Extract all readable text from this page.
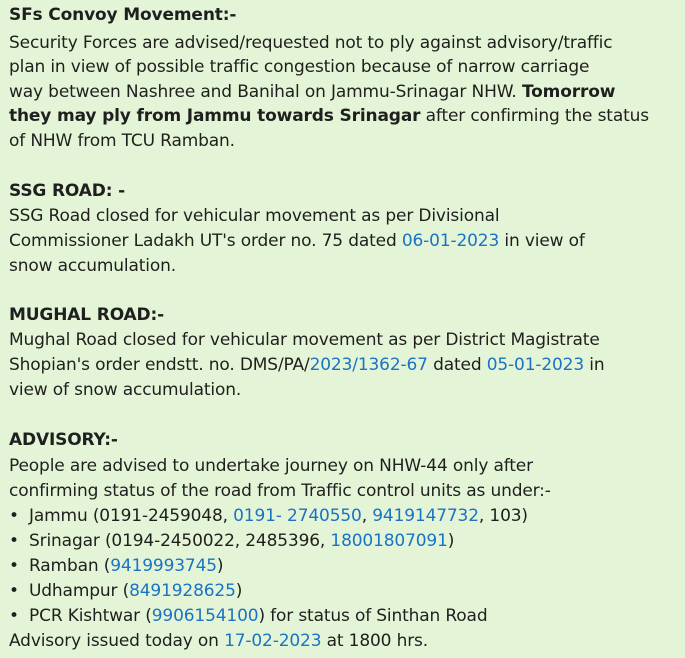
SFs Convoy Movement:-
Security Forces are advised/requested not to ply against advisory/traffic
plan in view of possible traffic congestion because of narrow carriage
way between Nashree and Banihal on Jammu-Srinagar NHW. Tomorrow
they may ply from Jammu towards Srinagar after confirming the status
of NHW from TCU Ramban.
SSG ROAD: -
SSG Road closed for vehicular movement as per Divisional
Commissioner Ladakh UT's order no. 75 dated 06-01-2023 in view of
snow accumulation.
MUGHAL ROAD:-
Mughal Road closed for vehicular movement as per District Magistrate
Shopian's order endstt. no. DMS/PA/2023/1362-67 dated 05-01-2023 in
view of snow accumulation.
ADVISORY:-
People are advised to undertake journey on NHW-44 only after
confirming status of the road from Traffic control units as under:-
• Jammu (0191-2459048, 0191- 2740550, 9419147732, 103)
• Srinagar (0194-2450022, 2485396, 18001807091)
• Ramban (9419993745)
• Udhampur (8491928625)
• PCR Kishtwar (9906154100) for status of Sinthan Road
Advisory issued today on 17-02-2023 at 1800 hrs.
